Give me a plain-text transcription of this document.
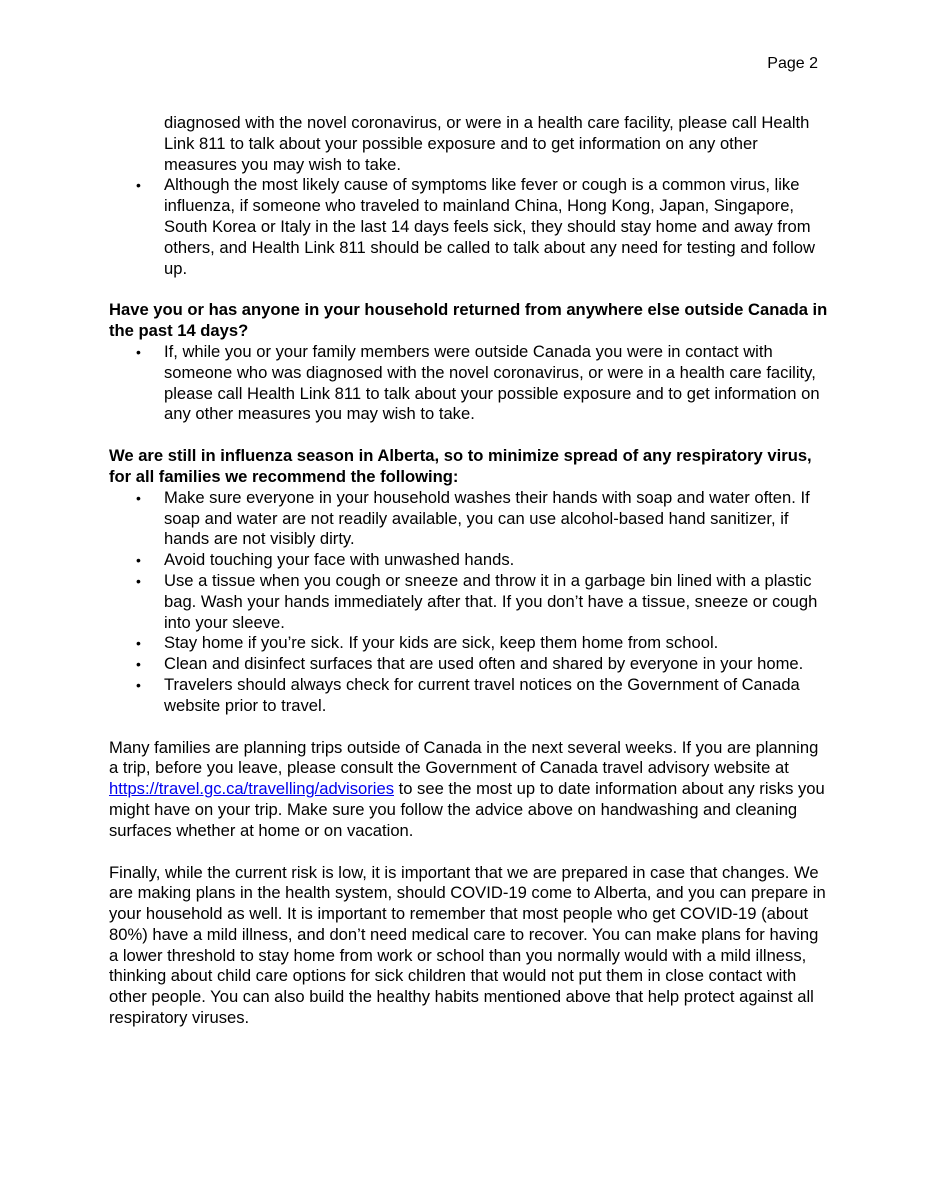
Page 2

diagnosed with the novel coronavirus, or were in a health care facility, please call Health Link 811 to talk about your possible exposure and to get information on any other measures you may wish to take.

• Although the most likely cause of symptoms like fever or cough is a common virus, like influenza, if someone who traveled to mainland China, Hong Kong, Japan, Singapore, South Korea or Italy in the last 14 days feels sick, they should stay home and away from others, and Health Link 811 should be called to talk about any need for testing and follow up.

Have you or has anyone in your household returned from anywhere else outside Canada in the past 14 days?

• If, while you or your family members were outside Canada you were in contact with someone who was diagnosed with the novel coronavirus, or were in a health care facility, please call Health Link 811 to talk about your possible exposure and to get information on any other measures you may wish to take.

We are still in influenza season in Alberta, so to minimize spread of any respiratory virus, for all families we recommend the following:

• Make sure everyone in your household washes their hands with soap and water often. If soap and water are not readily available, you can use alcohol-based hand sanitizer, if hands are not visibly dirty.
• Avoid touching your face with unwashed hands.
• Use a tissue when you cough or sneeze and throw it in a garbage bin lined with a plastic bag. Wash your hands immediately after that. If you don’t have a tissue, sneeze or cough into your sleeve.
• Stay home if you’re sick. If your kids are sick, keep them home from school.
• Clean and disinfect surfaces that are used often and shared by everyone in your home.
• Travelers should always check for current travel notices on the Government of Canada website prior to travel.

Many families are planning trips outside of Canada in the next several weeks. If you are planning a trip, before you leave, please consult the Government of Canada travel advisory website at https://travel.gc.ca/travelling/advisories to see the most up to date information about any risks you might have on your trip. Make sure you follow the advice above on handwashing and cleaning surfaces whether at home or on vacation.

Finally, while the current risk is low, it is important that we are prepared in case that changes. We are making plans in the health system, should COVID-19 come to Alberta, and you can prepare in your household as well. It is important to remember that most people who get COVID-19 (about 80%) have a mild illness, and don’t need medical care to recover. You can make plans for having a lower threshold to stay home from work or school than you normally would with a mild illness, thinking about child care options for sick children that would not put them in close contact with other people. You can also build the healthy habits mentioned above that help protect against all respiratory viruses.
